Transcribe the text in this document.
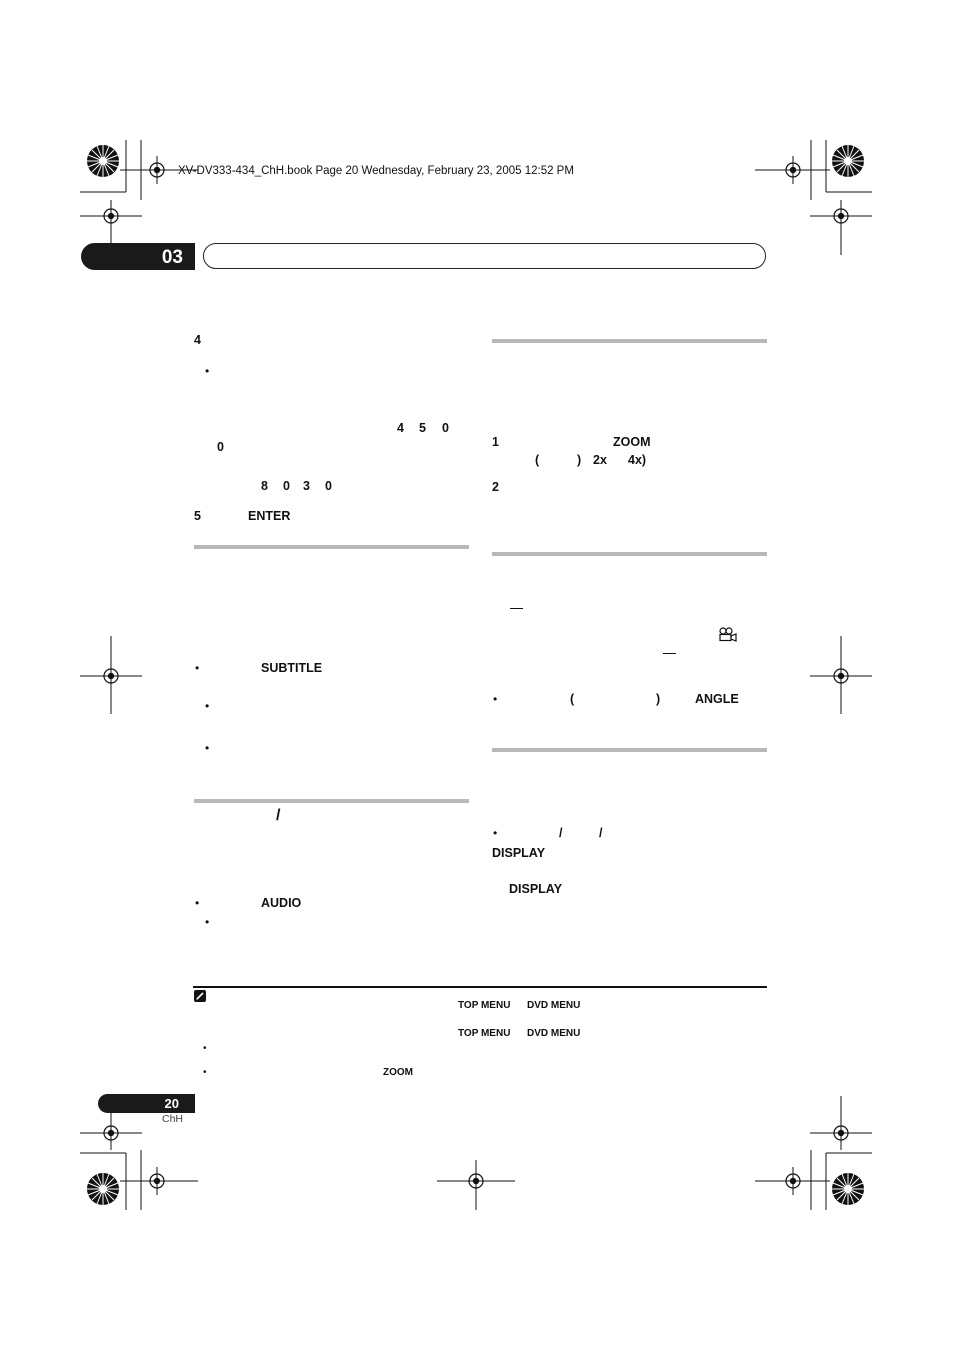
XV-DV333-434_ChH.book Page 20 Wednesday, February 23, 2005 12:52 PM
03
4
•
4 5 0
0
8 0 3 0
5	ENTER
•	SUBTITLE
•
•
/
•	AUDIO
•
1	ZOOM
(	) 2x 4x)
2
•	(	)	ANGLE
•	/	/
DISPLAY
DISPLAY
TOP MENU DVD MENU
TOP MENU DVD MENU
•
•	ZOOM
20
ChH
